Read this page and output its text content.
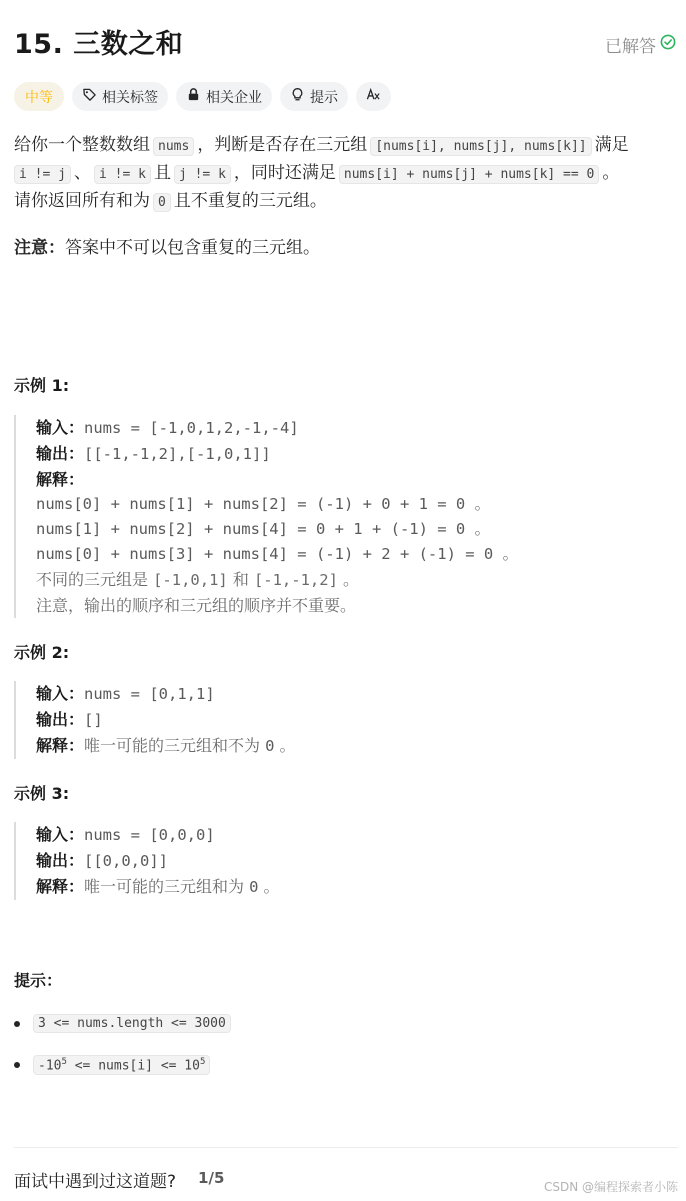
15. 三数之和	已解答
中等	相关标签	相关企业	提示
给你一个整数数组 nums ，判断是否存在三元组 [nums[i], nums[j], nums[k]] 满足
i != j 、 i != k 且 j != k ，同时还满足 nums[i] + nums[j] + nums[k] == 0 。
请你返回所有和为 0 且不重复的三元组。
注意：答案中不可以包含重复的三元组。
示例 1:
输入：nums = [-1,0,1,2,-1,-4]
输出：[[-1,-1,2],[-1,0,1]]
解释：
nums[0] + nums[1] + nums[2] = (-1) + 0 + 1 = 0 。
nums[1] + nums[2] + nums[4] = 0 + 1 + (-1) = 0 。
nums[0] + nums[3] + nums[4] = (-1) + 2 + (-1) = 0 。
不同的三元组是 [-1,0,1] 和 [-1,-1,2] 。
注意，输出的顺序和三元组的顺序并不重要。
示例 2:
输入：nums = [0,1,1]
输出：[]
解释：唯一可能的三元组和不为 0 。
示例 3:
输入：nums = [0,0,0]
输出：[[0,0,0]]
解释：唯一可能的三元组和为 0 。
提示：
3 <= nums.length <= 3000
$-10^5$ <= nums[i] <= $10^5$
面试中遇到过这道题? 1/5	CSDN @编程探索者小陈
